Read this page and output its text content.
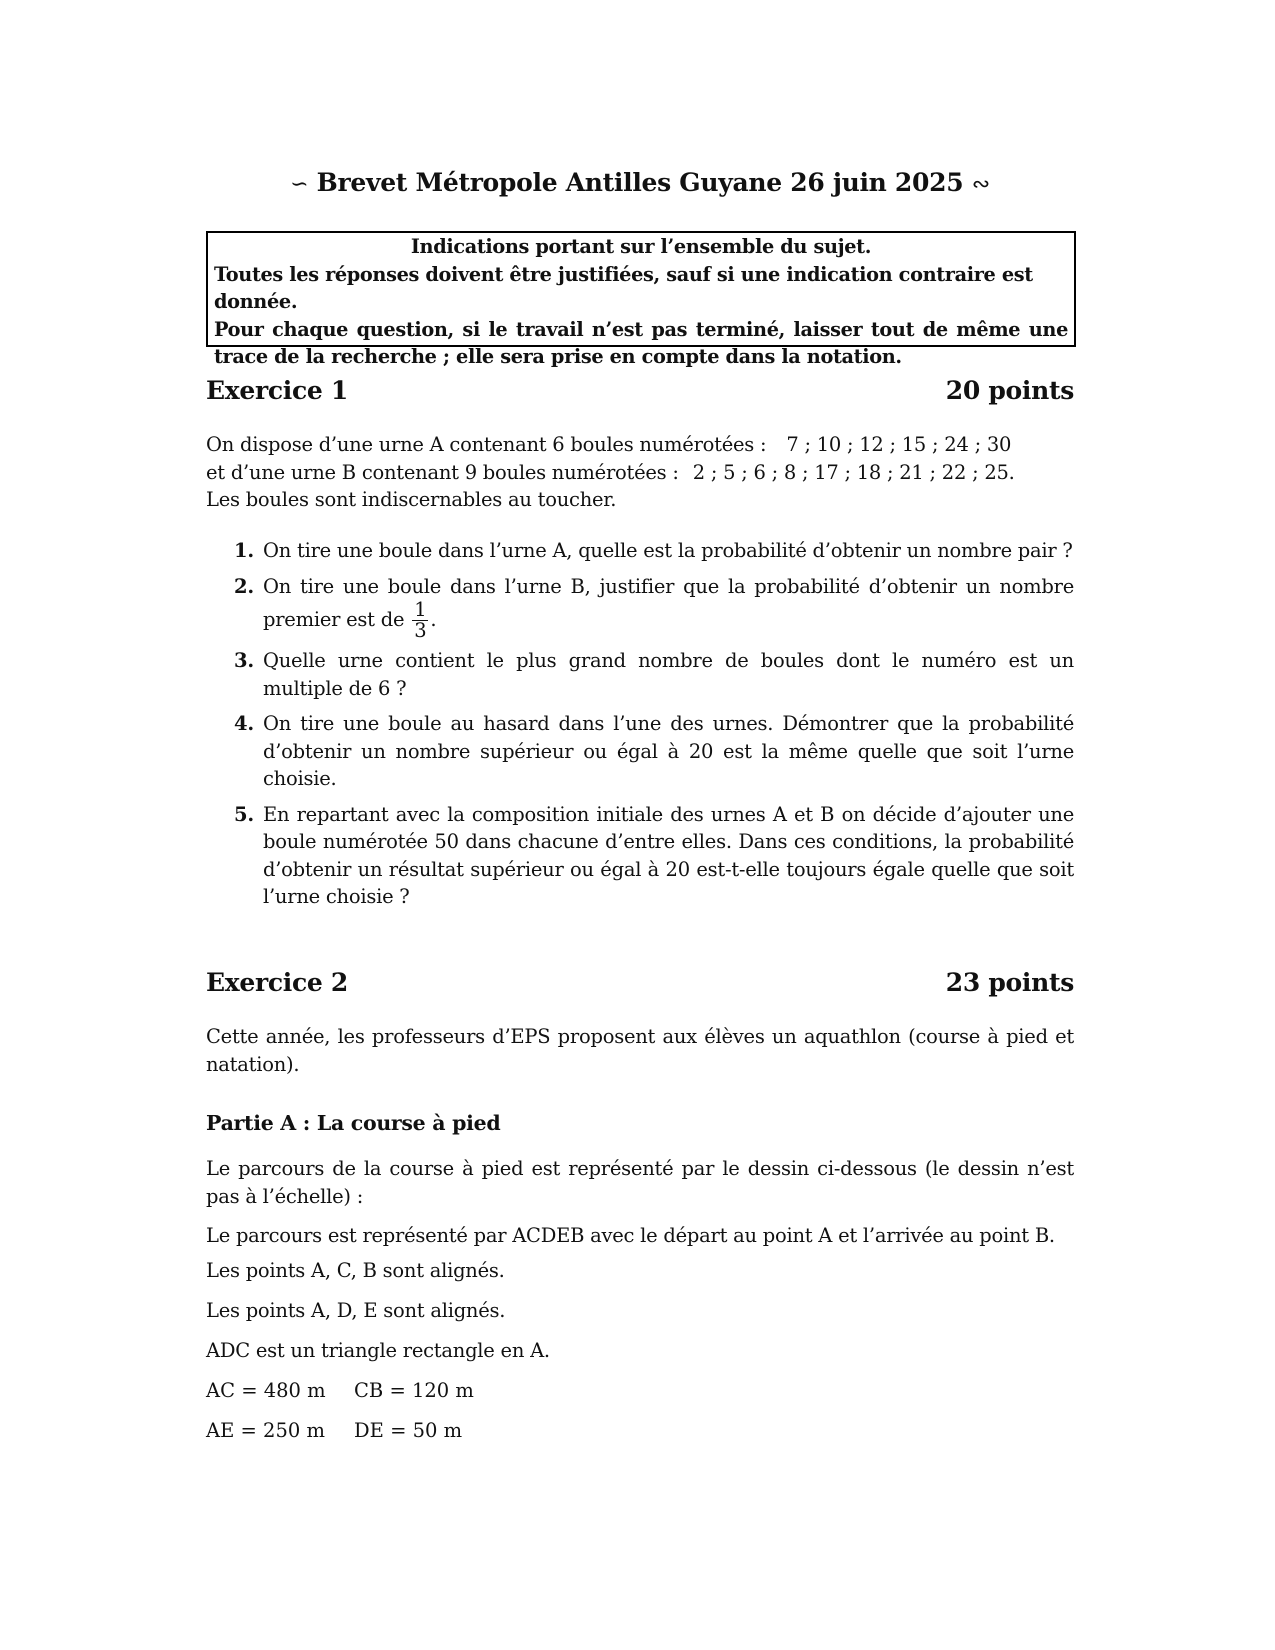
∽ Brevet Métropole Antilles Guyane 26 juin 2025 ∾
Indications portant sur l’ensemble du sujet.
Toutes les réponses doivent être justifiées, sauf si une indication contraire est donnée.
Pour chaque question, si le travail n’est pas terminé, laisser tout de même une trace de la recherche ; elle sera prise en compte dans la notation.
Exercice 1	20 points
On dispose d’une urne A contenant 6 boules numérotées : 7 ; 10 ; 12 ; 15 ; 24 ; 30
et d’une urne B contenant 9 boules numérotées : 2 ; 5 ; 6 ; 8 ; 17 ; 18 ; 21 ; 22 ; 25.
Les boules sont indiscernables au toucher.
1. On tire une boule dans l’urne A, quelle est la probabilité d’obtenir un nombre pair ?
2. On tire une boule dans l’urne B, justifier que la probabilité d’obtenir un nombre premier est de $\frac{1}{3}$ .
3. Quelle urne contient le plus grand nombre de boules dont le numéro est un multiple de 6 ?
4. On tire une boule au hasard dans l’une des urnes. Démontrer que la probabilité d’obtenir un nombre supérieur ou égal à 20 est la même quelle que soit l’urne choisie.
5. En repartant avec la composition initiale des urnes A et B on décide d’ajouter une boule numérotée 50 dans chacune d’entre elles. Dans ces conditions, la probabilité d’obtenir un résultat supérieur ou égal à 20 est-t-elle toujours égale quelle que soit l’urne choisie ?
Exercice 2	23 points
Cette année, les professeurs d’EPS proposent aux élèves un aquathlon (course à pied et natation).
Partie A : La course à pied
Le parcours de la course à pied est représenté par le dessin ci-dessous (le dessin n’est pas à l’échelle) :
Le parcours est représenté par ACDEB avec le départ au point A et l’arrivée au point B.
Les points A, C, B sont alignés.
Les points A, D, E sont alignés.
ADC est un triangle rectangle en A.
AC = 480 m CB = 120 m
AE = 250 m DE = 50 m
